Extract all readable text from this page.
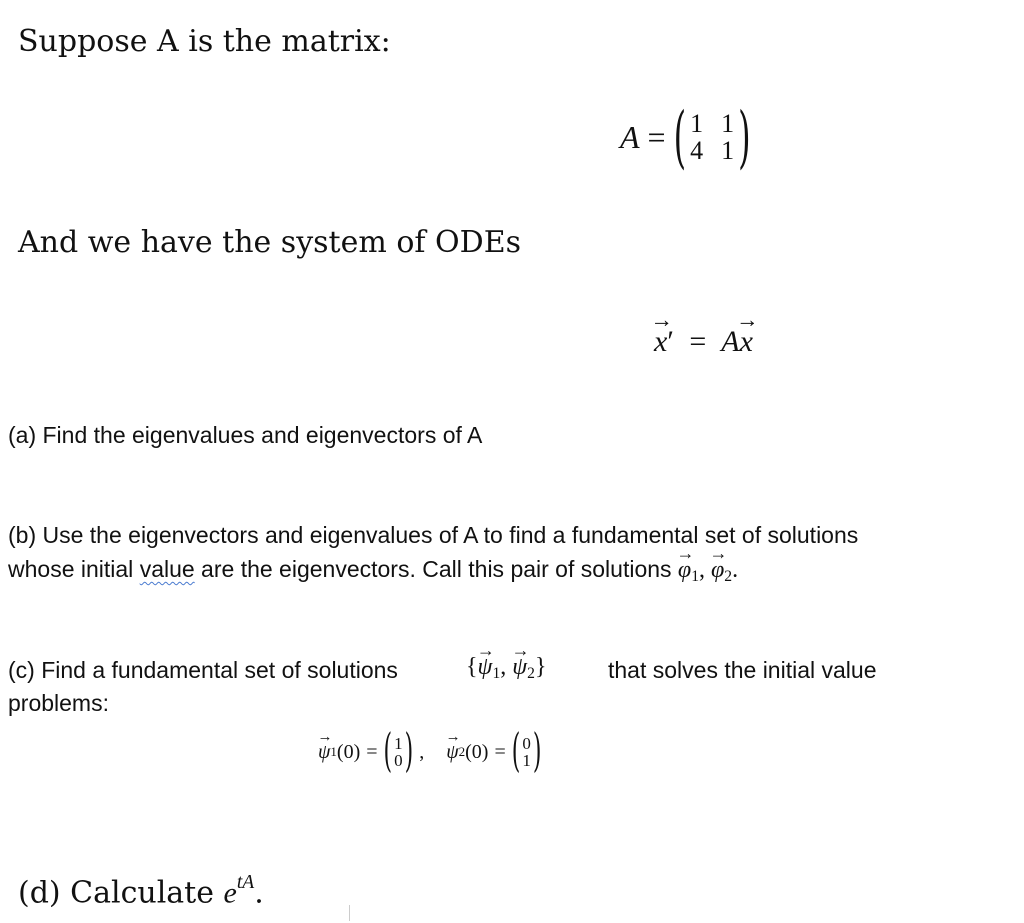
Suppose A is the matrix:
A = ( 1 1
4 1 )
And we have the system of ODEs
→ x′ = A→ x
(a) Find the eigenvalues and eigenvectors of A
(b) Use the eigenvectors and eigenvalues of A to find a fundamental set of solutions
whose initial value are the eigenvectors. Call this pair of solutions → $\varphi_1$, → $\varphi_2$.
(c) Find a fundamental set of solutions	{→ $\psi_1$, → $\psi_2$}	that solves the initial value
problems:
→ ψ 1 (0) = ( 1
0 ) ,
→ ψ 2 (0) = ( 0
1 )
(d) Calculate $e^{tA}$.
